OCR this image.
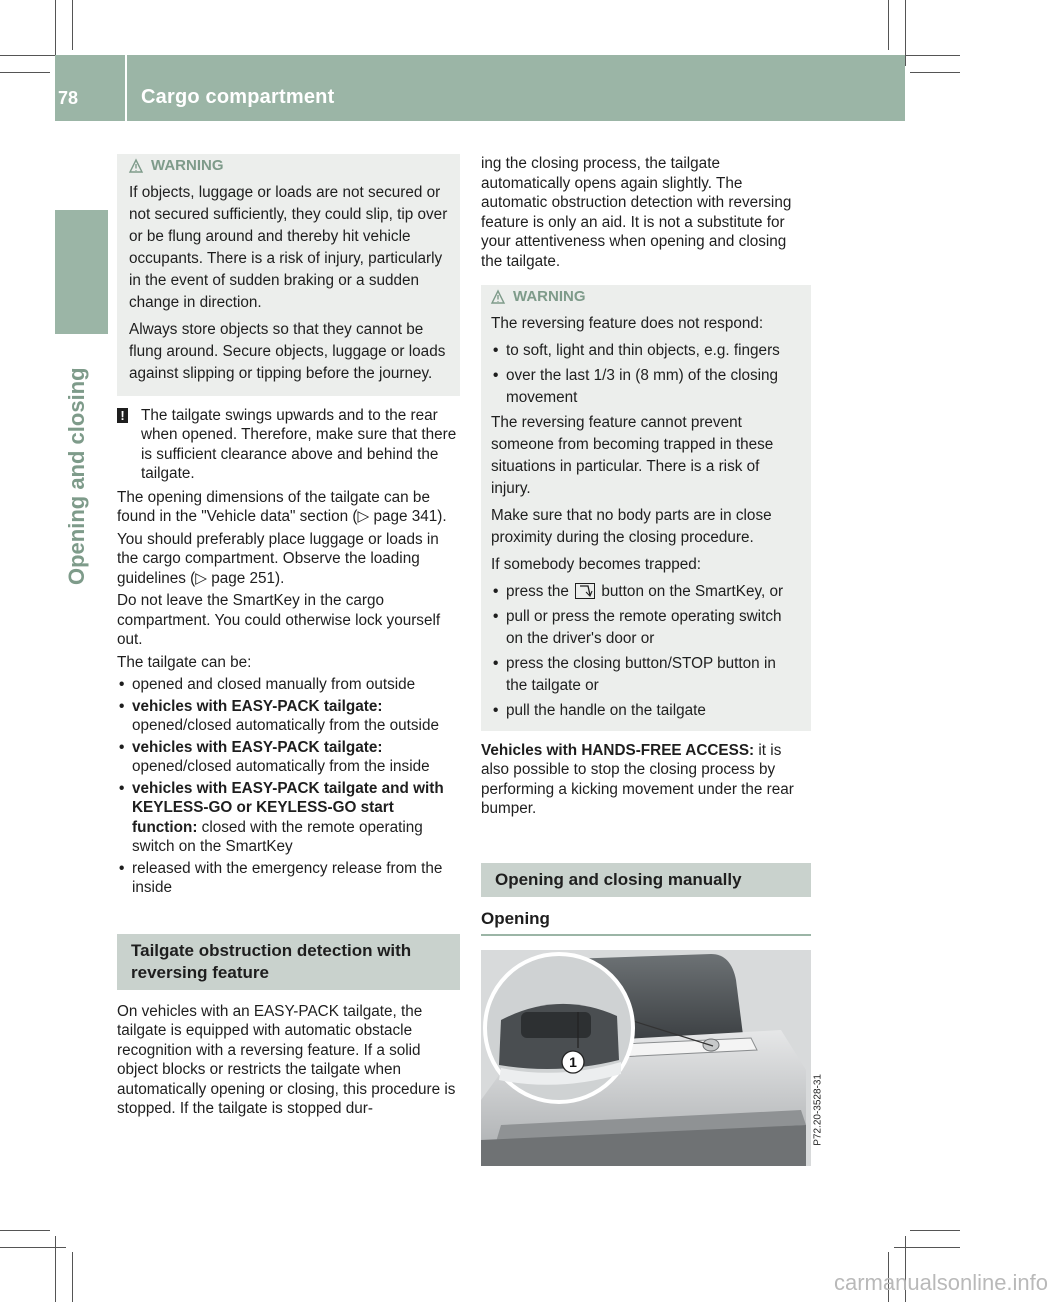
78	Cargo compartment
Opening and closing
WARNING

If objects, luggage or loads are not secured or not secured sufficiently, they could slip, tip over or be flung around and thereby hit vehicle occupants. There is a risk of injury, particularly in the event of sudden braking or a sudden change in direction.

Always store objects so that they cannot be flung around. Secure objects, luggage or loads against slipping or tipping before the journey.

! The tailgate swings upwards and to the rear when opened. Therefore, make sure that there is sufficient clearance above and behind the tailgate.

The opening dimensions of the tailgate can be found in the "Vehicle data" section (▷ page 341).

You should preferably place luggage or loads in the cargo compartment. Observe the loading guidelines (▷ page 251).

Do not leave the SmartKey in the cargo compartment. You could otherwise lock yourself out.

The tailgate can be:

• opened and closed manually from outside
• vehicles with EASY-PACK tailgate: opened/closed automatically from the outside
• vehicles with EASY-PACK tailgate: opened/closed automatically from the inside
• vehicles with EASY-PACK tailgate and with KEYLESS-GO or KEYLESS-GO start function: closed with the remote operating switch on the SmartKey
• released with the emergency release from the inside
Tailgate obstruction detection with reversing feature

On vehicles with an EASY-PACK tailgate, the tailgate is equipped with automatic obstacle recognition with a reversing feature. If a solid object blocks or restricts the tailgate when automatically opening or closing, this procedure is stopped. If the tailgate is stopped dur-

ing the closing process, the tailgate automatically opens again slightly. The automatic obstruction detection with reversing feature is only an aid. It is not a substitute for your attentiveness when opening and closing the tailgate.

WARNING

The reversing feature does not respond:

• to soft, light and thin objects, e.g. fingers
• over the last 1/3 in (8 mm) of the closing movement

The reversing feature cannot prevent someone from becoming trapped in these situations in particular. There is a risk of injury.

Make sure that no body parts are in close proximity during the closing procedure.

If somebody becomes trapped:

• press the button on the SmartKey, or
• pull or press the remote operating switch on the driver's door or
• press the closing button/STOP button in the tailgate or
• pull the handle on the tailgate

Vehicles with HANDS-FREE ACCESS: it is also possible to stop the closing process by performing a kicking movement under the rear bumper.

Opening and closing manually
Opening
1
P72.20-3528-31
carmanualsonline.info
